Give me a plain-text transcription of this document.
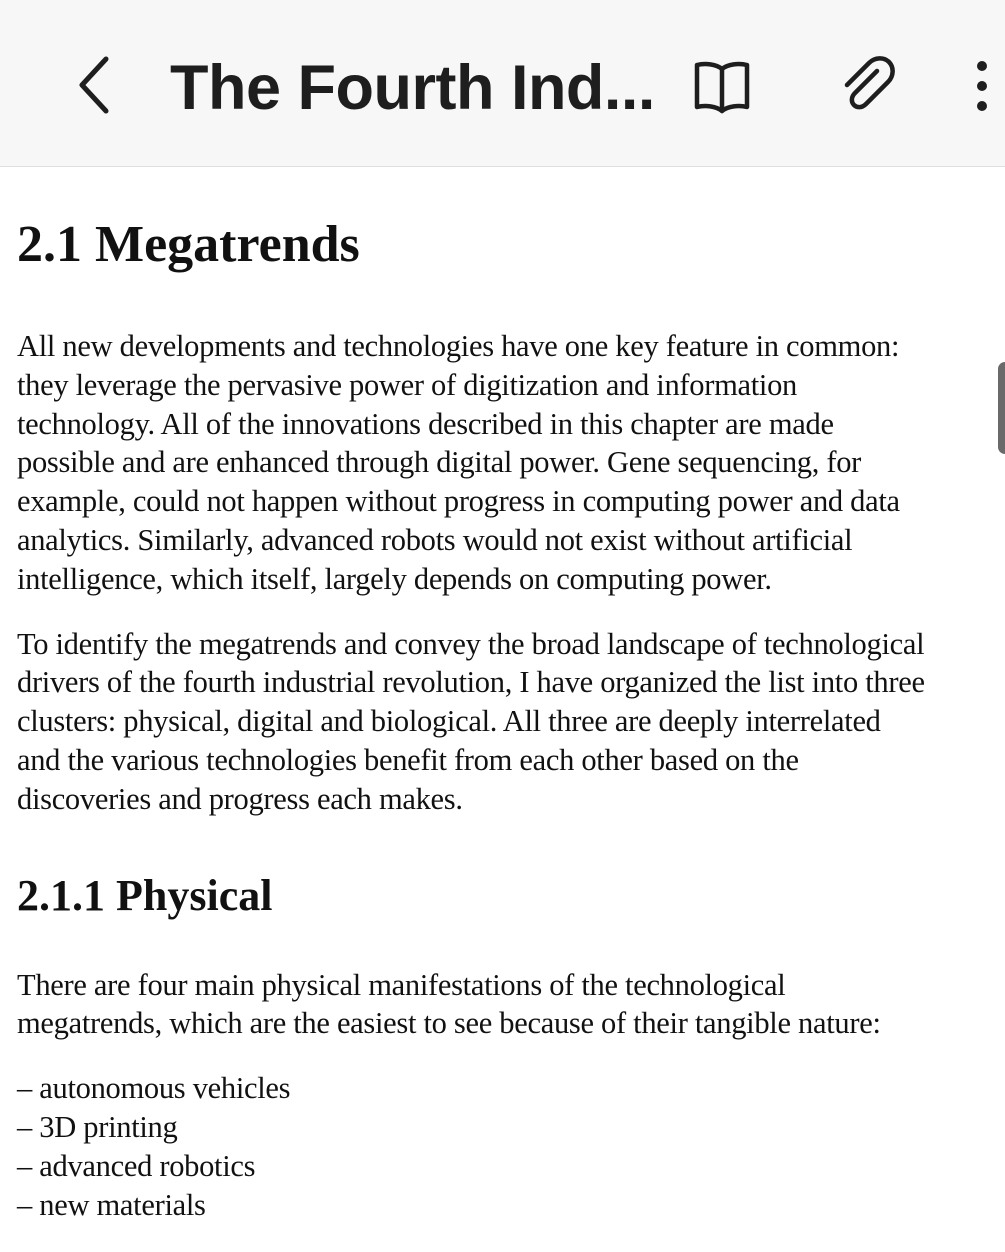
The Fourth Ind...
2.1 Megatrends

All new developments and technologies have one key feature in common:
they leverage the pervasive power of digitization and information
technology. All of the innovations described in this chapter are made
possible and are enhanced through digital power. Gene sequencing, for
example, could not happen without progress in computing power and data
analytics. Similarly, advanced robots would not exist without artificial
intelligence, which itself, largely depends on computing power.

To identify the megatrends and convey the broad landscape of technological
drivers of the fourth industrial revolution, I have organized the list into three
clusters: physical, digital and biological. All three are deeply interrelated
and the various technologies benefit from each other based on the
discoveries and progress each makes.

2.1.1 Physical

There are four main physical manifestations of the technological
megatrends, which are the easiest to see because of their tangible nature:

– autonomous vehicles
– 3D printing
– advanced robotics
– new materials
